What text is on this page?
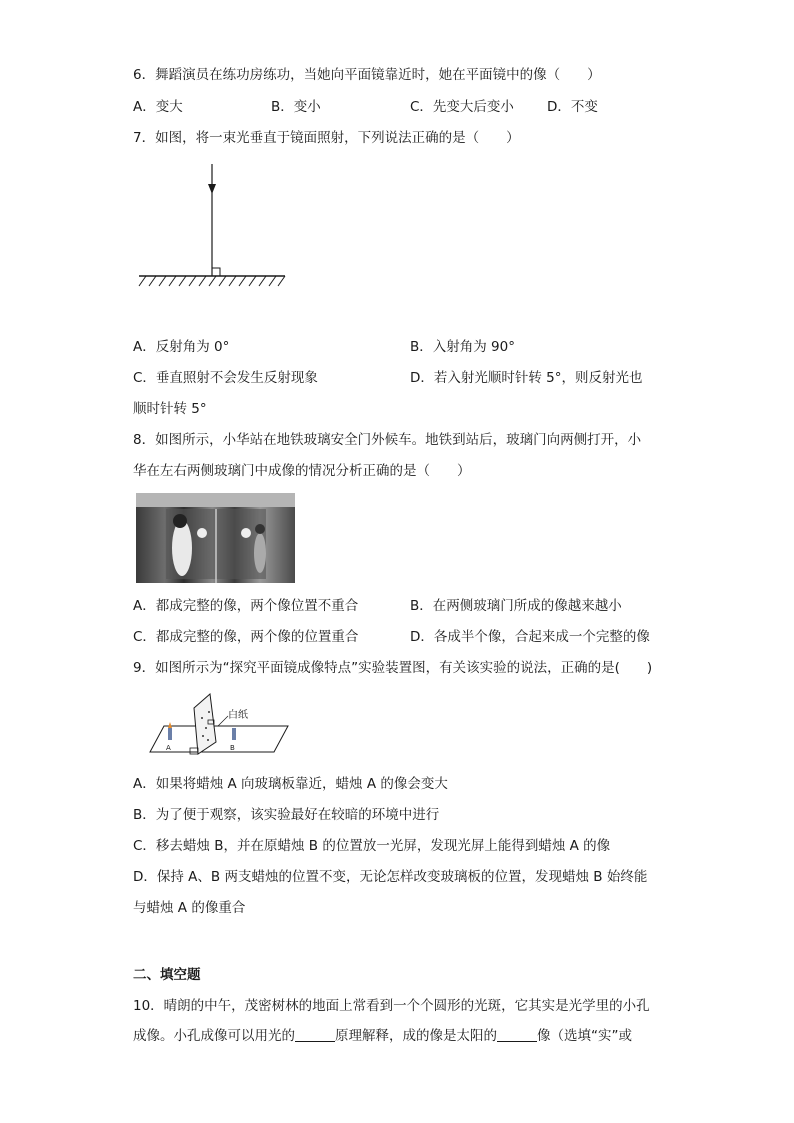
6．舞蹈演员在练功房练功，当她向平面镜靠近时，她在平面镜中的像（　　）
A．变大	B．变小	C．先变大后变小 D．不变
7．如图，将一束光垂直于镜面照射，下列说法正确的是（　　）
A．反射角为 0°	B．入射角为 90°
C．垂直照射不会发生反射现象	D．若入射光顺时针转 5°，则反射光也
顺时针转 5°
8．如图所示，小华站在地铁玻璃安全门外候车。地铁到站后，玻璃门向两侧打开，小
华在左右两侧玻璃门中成像的情况分析正确的是（　　）
A．都成完整的像，两个像位置不重合	B．在两侧玻璃门所成的像越来越小
C．都成完整的像，两个像的位置重合	D．各成半个像，合起来成一个完整的像
9．如图所示为“探究平面镜成像特点”实验装置图，有关该实验的说法，正确的是(　　)
白纸
A	B
A．如果将蜡烛 A 向玻璃板靠近，蜡烛 A 的像会变大
B．为了便于观察，该实验最好在较暗的环境中进行
C．移去蜡烛 B，并在原蜡烛 B 的位置放一光屏，发现光屏上能得到蜡烛 A 的像
D．保持 A、B 两支蜡烛的位置不变，无论怎样改变玻璃板的位置，发现蜡烛 B 始终能
与蜡烛 A 的像重合
二、填空题
10．晴朗的中午，茂密树林的地面上常看到一个个圆形的光斑，它其实是光学里的小孔
成像。小孔成像可以用光的	原理解释，成的像是太阳的	像（选填“实”或
